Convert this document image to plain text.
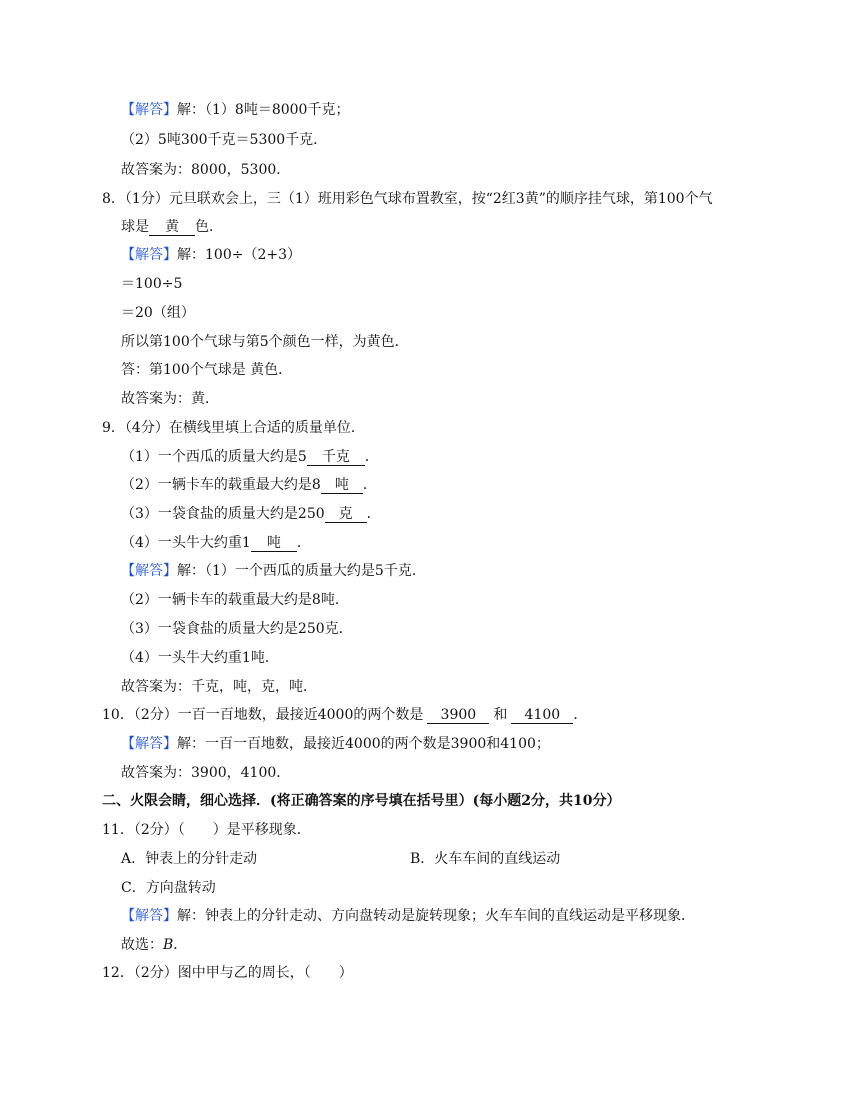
【解答】解：（1）8吨＝8000千克；
（2）5吨300千克＝5300千克．
故答案为：8000，5300．
8．（1分）元旦联欢会上，三（1）班用彩色气球布置教室，按“2红3黄”的顺序挂气球，第100个气
球是 黄 色．
【解答】解：100÷（2+3）
＝100÷5
＝20（组）
所以第100个气球与第5个颜色一样，为黄色．
答：第100个气球是 黄色．
故答案为：黄．
9．（4分）在横线里填上合适的质量单位．
（1）一个西瓜的质量大约是5 千克 ．
（2）一辆卡车的载重最大约是8 吨 ．
（3）一袋食盐的质量大约是250 克 ．
（4）一头牛大约重1 吨 ．
【解答】解：（1）一个西瓜的质量大约是5千克．
（2）一辆卡车的载重最大约是8吨．
（3）一袋食盐的质量大约是250克．
（4）一头牛大约重1吨．
故答案为：千克，吨，克，吨．
10．（2分）一百一百地数，最接近4000的两个数是 3900 和 4100 ．
【解答】解：一百一百地数，最接近4000的两个数是3900和4100；
故答案为：3900，4100．
二、火限会睛，细心选择．(将正确答案的序号填在括号里）(每小题2分，共10分）
11．（2分）（　　）是平移现象．
A．钟表上的分针走动	B．火车车间的直线运动
C．方向盘转动
【解答】解：钟表上的分针走动、方向盘转动是旋转现象；火车车间的直线运动是平移现象．
故选：B．
12．（2分）图中甲与乙的周长，（　　）
